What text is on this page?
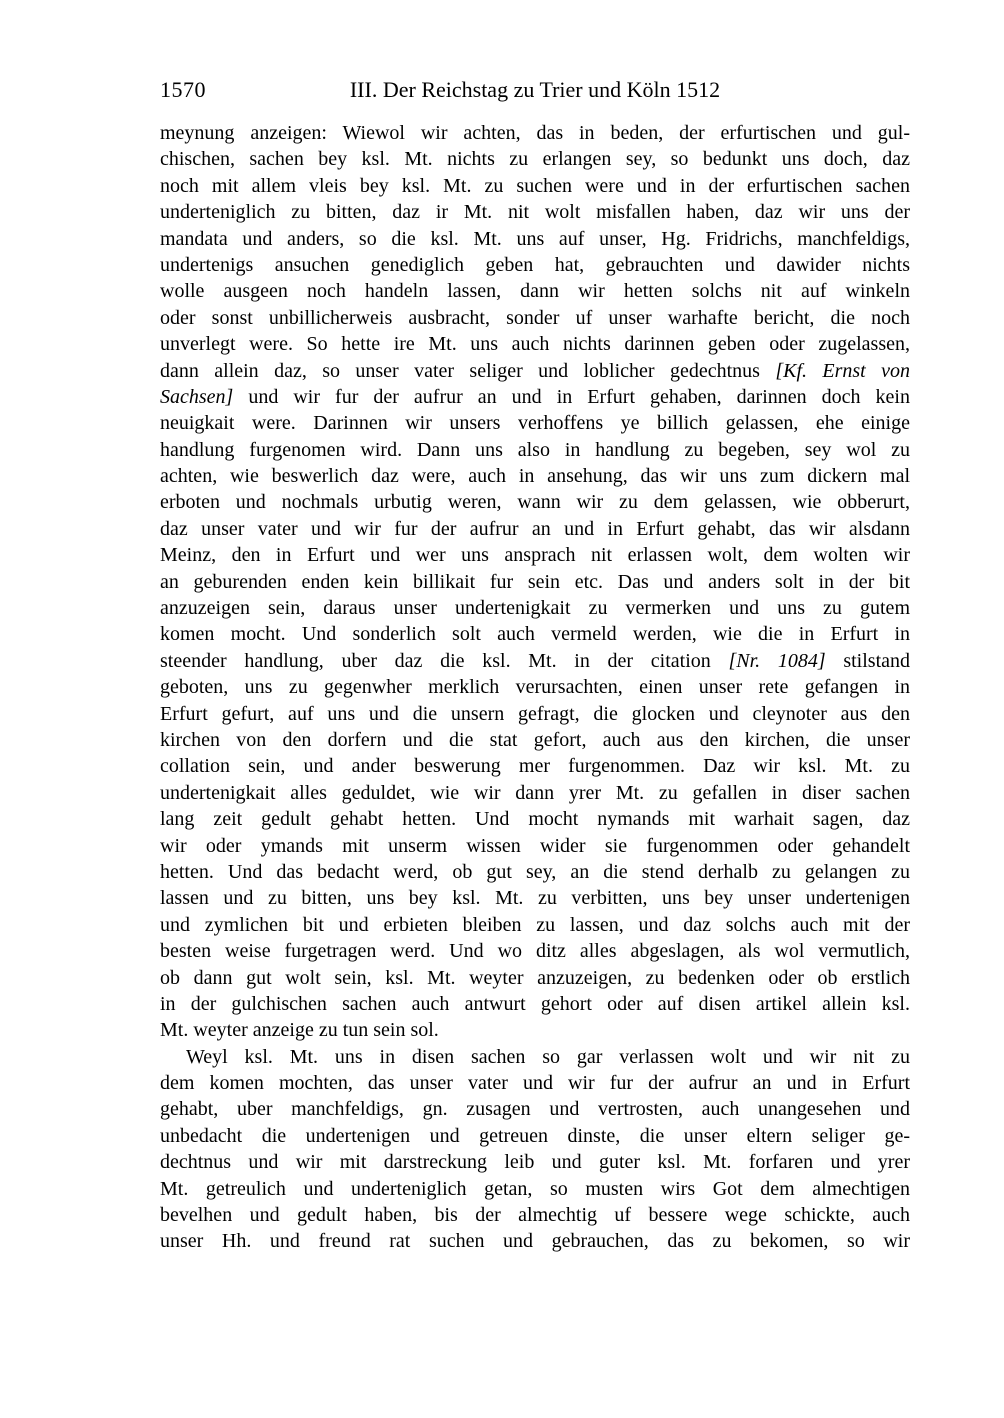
1570	III. Der Reichstag zu Trier und Köln 1512
meynung anzeigen: Wiewol wir achten, das in beden, der erfurtischen und gul-
chischen, sachen bey ksl. Mt. nichts zu erlangen sey, so bedunkt uns doch, daz
noch mit allem vleis bey ksl. Mt. zu suchen were und in der erfurtischen sachen
underteniglich zu bitten, daz ir Mt. nit wolt misfallen haben, daz wir uns der
mandata und anders, so die ksl. Mt. uns auf unser, Hg. Fridrichs, manchfeldigs,
undertenigs ansuchen genediglich geben hat, gebrauchten und dawider nichts
wolle ausgeen noch handeln lassen, dann wir hetten solchs nit auf winkeln
oder sonst unbillicherweis ausbracht, sonder uf unser warhafte bericht, die noch
unverlegt were. So hette ire Mt. uns auch nichts darinnen geben oder zugelassen,
dann allein daz, so unser vater seliger und loblicher gedechtnus [Kf. Ernst von
Sachsen] und wir fur der aufrur an und in Erfurt gehaben, darinnen doch kein
neuigkait were. Darinnen wir unsers verhoffens ye billich gelassen, ehe einige
handlung furgenomen wird. Dann uns also in handlung zu begeben, sey wol zu
achten, wie beswerlich daz were, auch in ansehung, das wir uns zum dickern mal
erboten und nochmals urbutig weren, wann wir zu dem gelassen, wie obberurt,
daz unser vater und wir fur der aufrur an und in Erfurt gehabt, das wir alsdann
Meinz, den in Erfurt und wer uns ansprach nit erlassen wolt, dem wolten wir
an geburenden enden kein billikait fur sein etc. Das und anders solt in der bit
anzuzeigen sein, daraus unser undertenigkait zu vermerken und uns zu gutem
komen mocht. Und sonderlich solt auch vermeld werden, wie die in Erfurt in
steender handlung, uber daz die ksl. Mt. in der citation [Nr. 1084] stilstand
geboten, uns zu gegenwher merklich verursachten, einen unser rete gefangen in
Erfurt gefurt, auf uns und die unsern gefragt, die glocken und cleynoter aus den
kirchen von den dorfern und die stat gefort, auch aus den kirchen, die unser
collation sein, und ander beswerung mer furgenommen. Daz wir ksl. Mt. zu
undertenigkait alles geduldet, wie wir dann yrer Mt. zu gefallen in diser sachen
lang zeit gedult gehabt hetten. Und mocht nymands mit warhait sagen, daz
wir oder ymands mit unserm wissen wider sie furgenommen oder gehandelt
hetten. Und das bedacht werd, ob gut sey, an die stend derhalb zu gelangen zu
lassen und zu bitten, uns bey ksl. Mt. zu verbitten, uns bey unser undertenigen
und zymlichen bit und erbieten bleiben zu lassen, und daz solchs auch mit der
besten weise furgetragen werd. Und wo ditz alles abgeslagen, als wol vermutlich,
ob dann gut wolt sein, ksl. Mt. weyter anzuzeigen, zu bedenken oder ob erstlich
in der gulchischen sachen auch antwurt gehort oder auf disen artikel allein ksl.
Mt. weyter anzeige zu tun sein sol.
Weyl ksl. Mt. uns in disen sachen so gar verlassen wolt und wir nit zu
dem komen mochten, das unser vater und wir fur der aufrur an und in Erfurt
gehabt, uber manchfeldigs, gn. zusagen und vertrosten, auch unangesehen und
unbedacht die undertenigen und getreuen dinste, die unser eltern seliger ge-
dechtnus und wir mit darstreckung leib und guter ksl. Mt. forfaren und yrer
Mt. getreulich und underteniglich getan, so musten wirs Got dem almechtigen
bevelhen und gedult haben, bis der almechtig uf bessere wege schickte, auch
unser Hh. und freund rat suchen und gebrauchen, das zu bekomen, so wir
